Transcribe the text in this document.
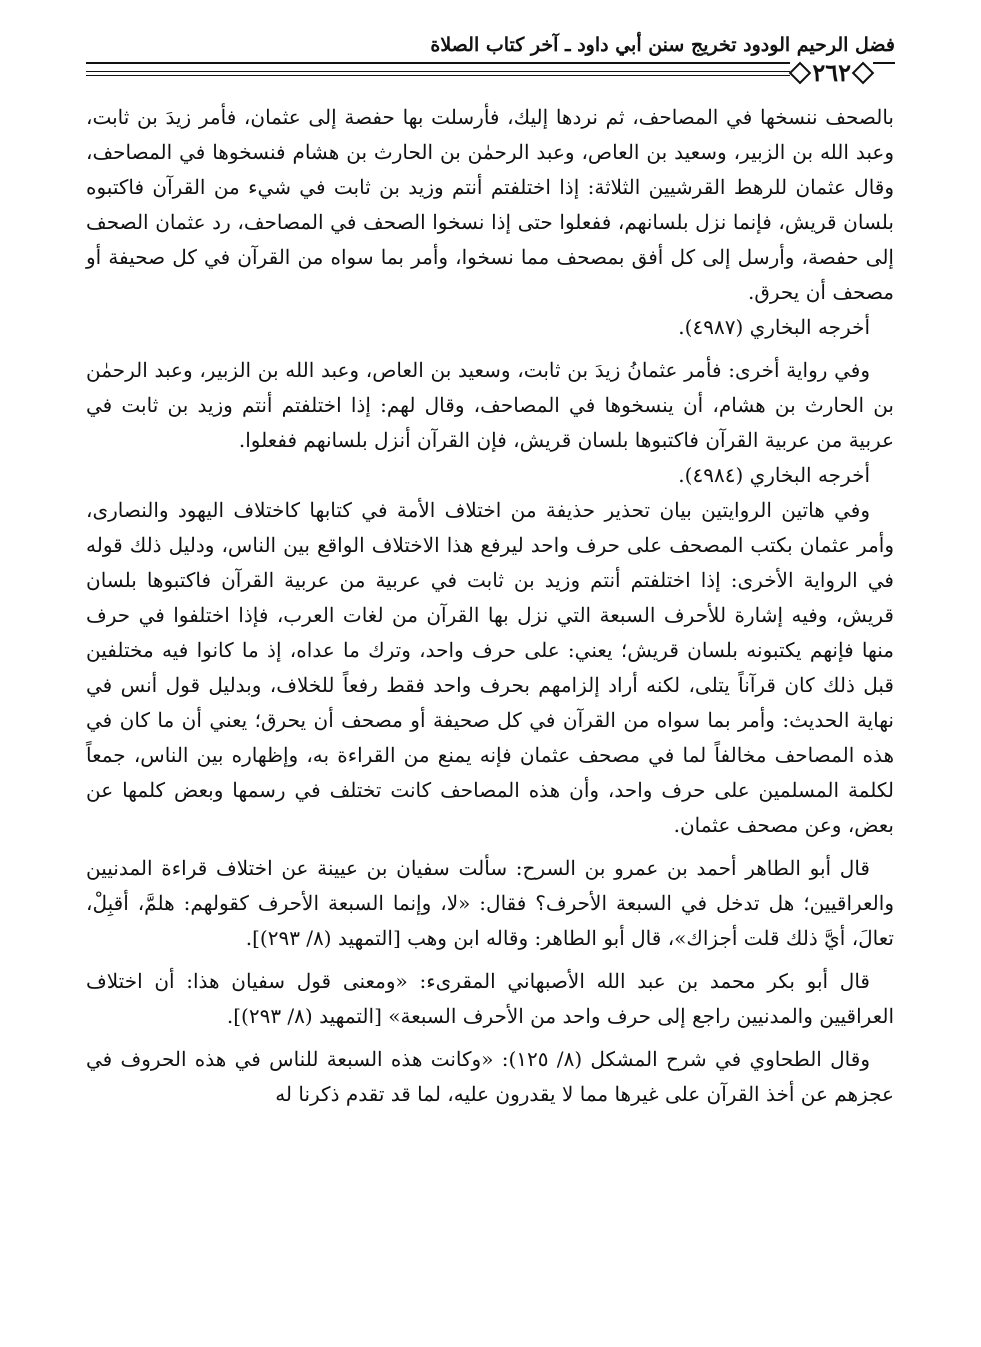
فضل الرحيم الودود تخريج سنن أبي داود ـ آخر كتاب الصلاة
٢٦٢

بالصحف ننسخها في المصاحف، ثم نردها إليك، فأرسلت بها حفصة إلى عثمان، فأمر زيدَ بن ثابت، وعبد الله بن الزبير، وسعيد بن العاص، وعبد الرحمٰن بن الحارث بن هشام فنسخوها في المصاحف، وقال عثمان للرهط القرشيين الثلاثة: إذا اختلفتم أنتم وزيد بن ثابت في شيء من القرآن فاكتبوه بلسان قريش، فإنما نزل بلسانهم، ففعلوا حتى إذا نسخوا الصحف في المصاحف، رد عثمان الصحف إلى حفصة، وأرسل إلى كل أفق بمصحف مما نسخوا، وأمر بما سواه من القرآن في كل صحيفة أو مصحف أن يحرق.

أخرجه البخاري (٤٩٨٧).

وفي رواية أخرى: فأمر عثمانُ زيدَ بن ثابت، وسعيد بن العاص، وعبد الله بن الزبير، وعبد الرحمٰن بن الحارث بن هشام، أن ينسخوها في المصاحف، وقال لهم: إذا اختلفتم أنتم وزيد بن ثابت في عربية من عربية القرآن فاكتبوها بلسان قريش، فإن القرآن أنزل بلسانهم ففعلوا.

أخرجه البخاري (٤٩٨٤).

وفي هاتين الروايتين بيان تحذير حذيفة من اختلاف الأمة في كتابها كاختلاف اليهود والنصارى، وأمر عثمان بكتب المصحف على حرف واحد ليرفع هذا الاختلاف الواقع بين الناس، ودليل ذلك قوله في الرواية الأخرى: إذا اختلفتم أنتم وزيد بن ثابت في عربية من عربية القرآن فاكتبوها بلسان قريش، وفيه إشارة للأحرف السبعة التي نزل بها القرآن من لغات العرب، فإذا اختلفوا في حرف منها فإنهم يكتبونه بلسان قريش؛ يعني: على حرف واحد، وترك ما عداه، إذ ما كانوا فيه مختلفين قبل ذلك كان قرآناً يتلى، لكنه أراد إلزامهم بحرف واحد فقط رفعاً للخلاف، وبدليل قول أنس في نهاية الحديث: وأمر بما سواه من القرآن في كل صحيفة أو مصحف أن يحرق؛ يعني أن ما كان في هذه المصاحف مخالفاً لما في مصحف عثمان فإنه يمنع من القراءة به، وإظهاره بين الناس، جمعاً لكلمة المسلمين على حرف واحد، وأن هذه المصاحف كانت تختلف في رسمها وبعض كلمها عن بعض، وعن مصحف عثمان.

قال أبو الطاهر أحمد بن عمرو بن السرح: سألت سفيان بن عيينة عن اختلاف قراءة المدنيين والعراقيين؛ هل تدخل في السبعة الأحرف؟ فقال: «لا، وإنما السبعة الأحرف كقولهم: هلمَّ، أقبِلْ، تعالَ، أيَّ ذلك قلت أجزاك»، قال أبو الطاهر: وقاله ابن وهب [التمهيد (٨/ ٢٩٣)].

قال أبو بكر محمد بن عبد الله الأصبهاني المقرىء: «ومعنى قول سفيان هذا: أن اختلاف العراقيين والمدنيين راجع إلى حرف واحد من الأحرف السبعة» [التمهيد (٨/ ٢٩٣)].

وقال الطحاوي في شرح المشكل (٨/ ١٢٥): «وكانت هذه السبعة للناس في هذه الحروف في عجزهم عن أخذ القرآن على غيرها مما لا يقدرون عليه، لما قد تقدم ذكرنا له
